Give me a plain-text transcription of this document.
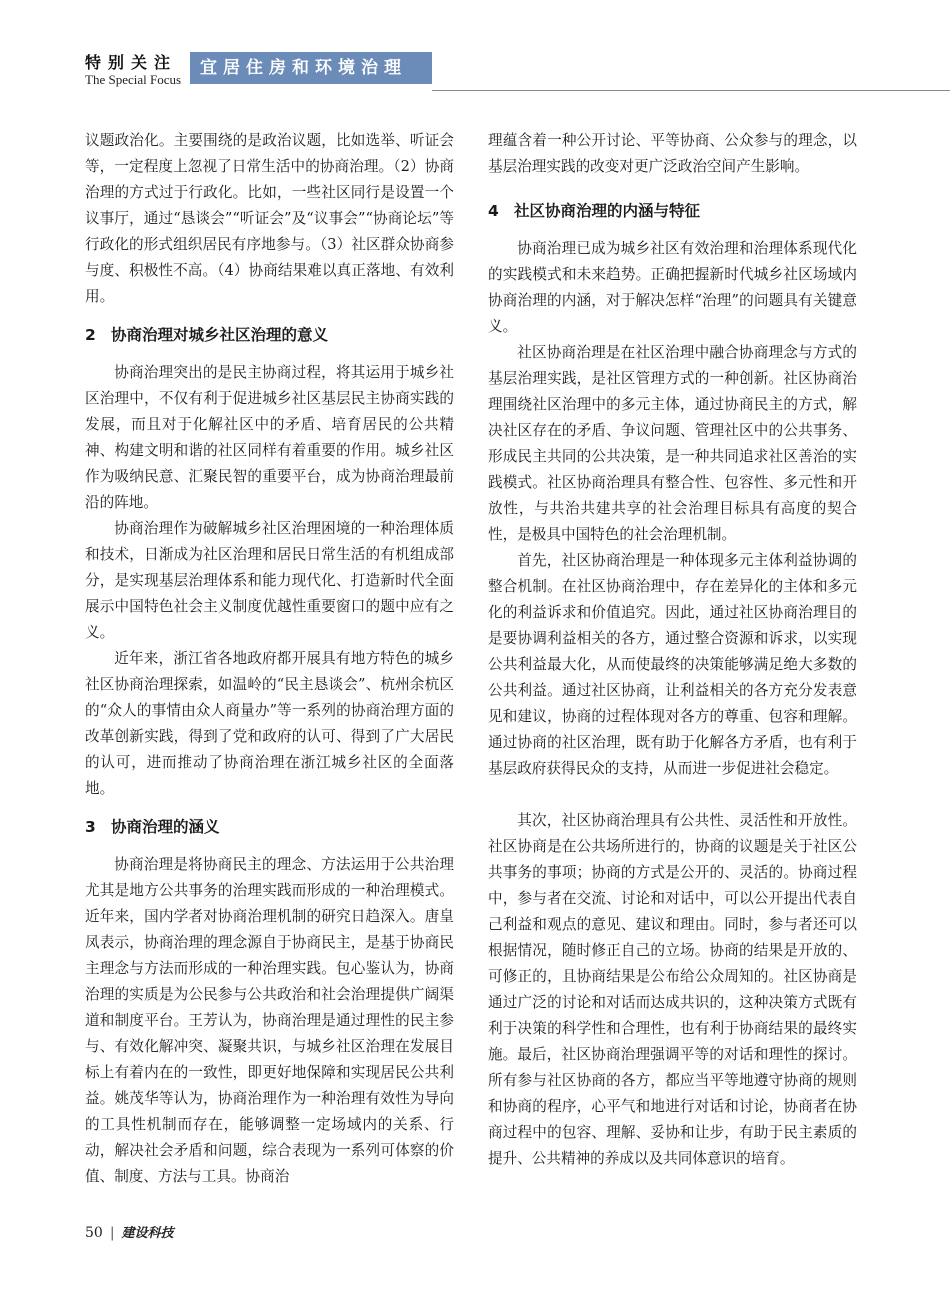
特别关注
The Special Focus
宜居住房和环境治理

议题政治化。主要围绕的是政治议题，比如选举、听证会等，一定程度上忽视了日常生活中的协商治理。（2）协商治理的方式过于行政化。比如，一些社区同行是设置一个议事厅，通过“恳谈会”“听证会”及“议事会”“协商论坛”等行政化的形式组织居民有序地参与。（3）社区群众协商参与度、积极性不高。（4）协商结果难以真正落地、有效利用。

2 协商治理对城乡社区治理的意义

协商治理突出的是民主协商过程，将其运用于城乡社区治理中，不仅有利于促进城乡社区基层民主协商实践的发展，而且对于化解社区中的矛盾、培育居民的公共精神、构建文明和谐的社区同样有着重要的作用。城乡社区作为吸纳民意、汇聚民智的重要平台，成为协商治理最前沿的阵地。

协商治理作为破解城乡社区治理困境的一种治理体质和技术，日渐成为社区治理和居民日常生活的有机组成部分，是实现基层治理体系和能力现代化、打造新时代全面展示中国特色社会主义制度优越性重要窗口的题中应有之义。

近年来，浙江省各地政府都开展具有地方特色的城乡社区协商治理探索，如温岭的“民主恳谈会”、杭州余杭区的“众人的事情由众人商量办”等一系列的协商治理方面的改革创新实践，得到了党和政府的认可、得到了广大居民的认可，进而推动了协商治理在浙江城乡社区的全面落地。

3 协商治理的涵义

协商治理是将协商民主的理念、方法运用于公共治理尤其是地方公共事务的治理实践而形成的一种治理模式。近年来，国内学者对协商治理机制的研究日趋深入。唐皇凤表示，协商治理的理念源自于协商民主，是基于协商民主理念与方法而形成的一种治理实践。包心鉴认为，协商治理的实质是为公民参与公共政治和社会治理提供广阔渠道和制度平台。王芳认为，协商治理是通过理性的民主参与、有效化解冲突、凝聚共识，与城乡社区治理在发展目标上有着内在的一致性，即更好地保障和实现居民公共利益。姚茂华等认为，协商治理作为一种治理有效性为导向的工具性机制而存在，能够调整一定场域内的关系、行动，解决社会矛盾和问题，综合表现为一系列可体察的价值、制度、方法与工具。协商治

理蕴含着一种公开讨论、平等协商、公众参与的理念，以基层治理实践的改变对更广泛政治空间产生影响。

4 社区协商治理的内涵与特征

协商治理已成为城乡社区有效治理和治理体系现代化的实践模式和未来趋势。正确把握新时代城乡社区场域内协商治理的内涵，对于解决怎样“治理”的问题具有关键意义。

社区协商治理是在社区治理中融合协商理念与方式的基层治理实践，是社区管理方式的一种创新。社区协商治理围绕社区治理中的多元主体，通过协商民主的方式，解决社区存在的矛盾、争议问题、管理社区中的公共事务、形成民主共同的公共决策，是一种共同追求社区善治的实践模式。社区协商治理具有整合性、包容性、多元性和开放性，与共治共建共享的社会治理目标具有高度的契合性，是极具中国特色的社会治理机制。

首先，社区协商治理是一种体现多元主体利益协调的整合机制。在社区协商治理中，存在差异化的主体和多元化的利益诉求和价值追究。因此，通过社区协商治理目的是要协调利益相关的各方，通过整合资源和诉求，以实现公共利益最大化，从而使最终的决策能够满足绝大多数的公共利益。通过社区协商，让利益相关的各方充分发表意见和建议，协商的过程体现对各方的尊重、包容和理解。通过协商的社区治理，既有助于化解各方矛盾，也有利于基层政府获得民众的支持，从而进一步促进社会稳定。

其次，社区协商治理具有公共性、灵活性和开放性。社区协商是在公共场所进行的，协商的议题是关于社区公共事务的事项；协商的方式是公开的、灵活的。协商过程中，参与者在交流、讨论和对话中，可以公开提出代表自己利益和观点的意见、建议和理由。同时，参与者还可以根据情况，随时修正自己的立场。协商的结果是开放的、可修正的，且协商结果是公布给公众周知的。社区协商是通过广泛的讨论和对话而达成共识的，这种决策方式既有利于决策的科学性和合理性，也有利于协商结果的最终实施。 最后，社区协商治理强调平等的对话和理性的探讨。所有参与社区协商的各方，都应当平等地遵守协商的规则和协商的程序，心平气和地进行对话和讨论，协商者在协商过程中的包容、理解、妥协和让步，有助于民主素质的提升、公共精神的养成以及共同体意识的培育。

50 | 建设科技
